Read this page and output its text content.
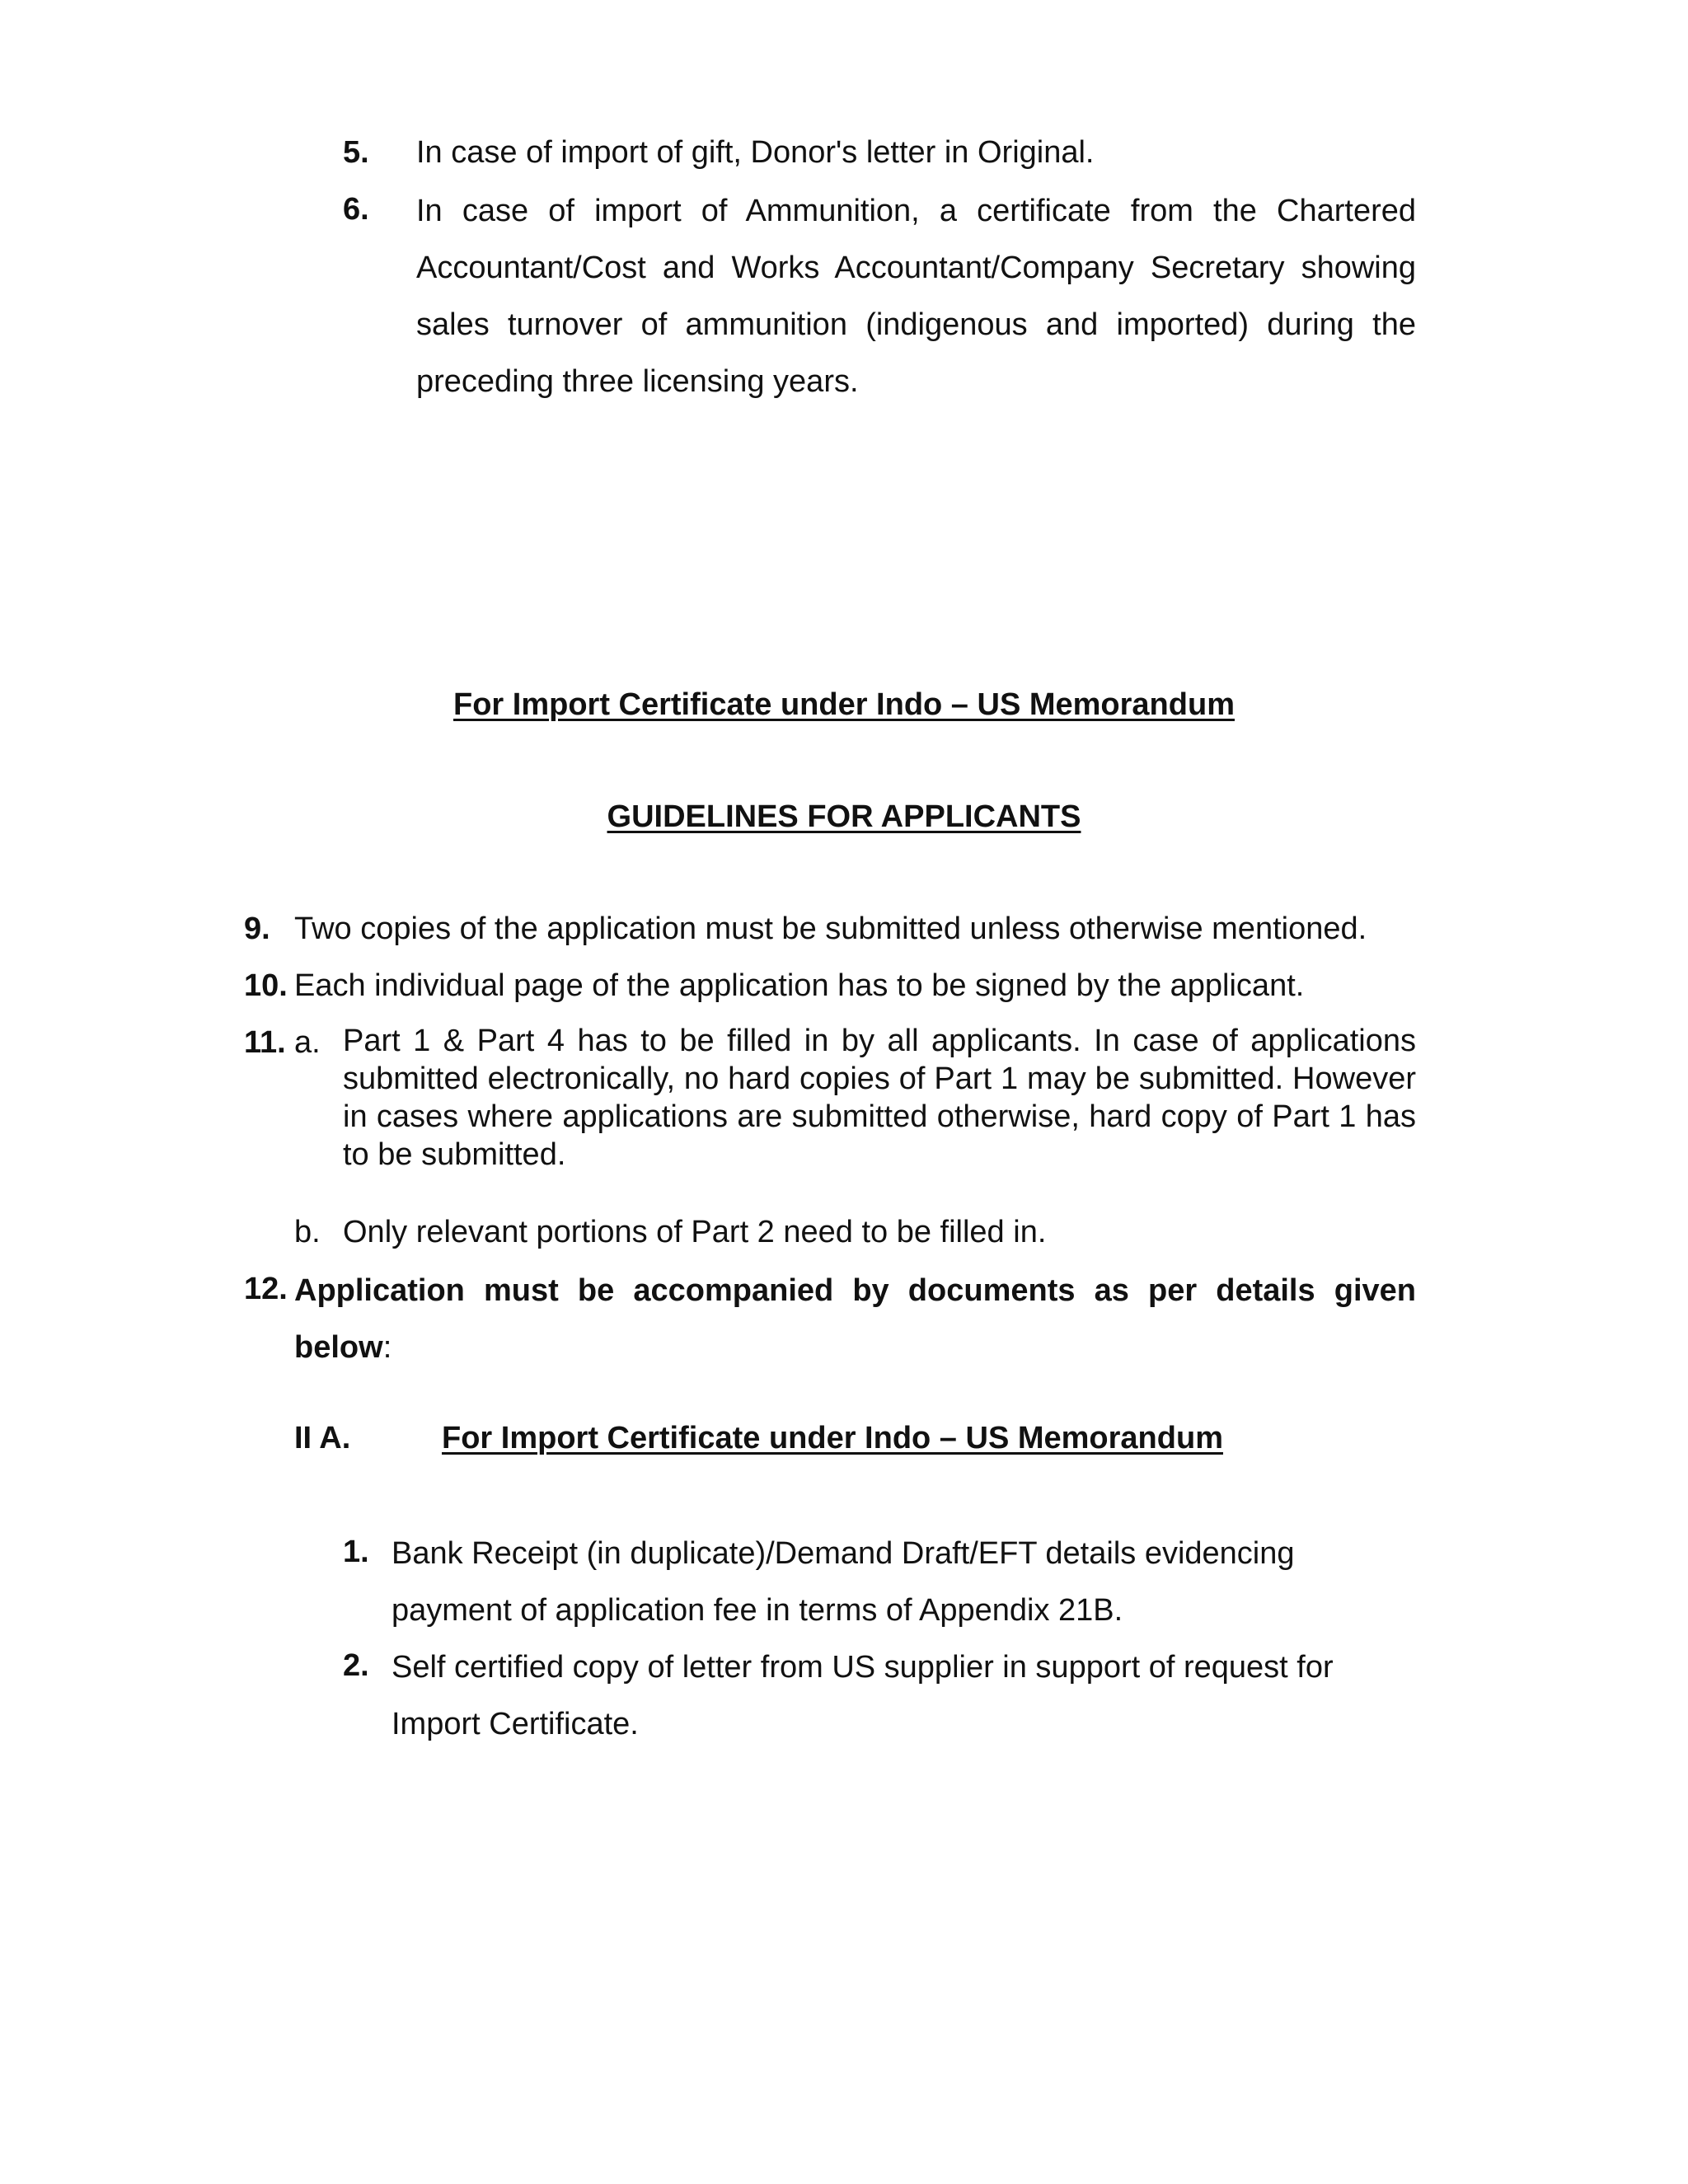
5. In case of import of gift, Donor's letter in Original.
6. In case of import of Ammunition, a certificate from the Chartered Accountant/Cost and Works Accountant/Company Secretary showing sales turnover of ammunition (indigenous and imported) during the preceding three licensing years.
For Import Certificate under Indo – US Memorandum
GUIDELINES FOR APPLICANTS
9. Two copies of the application must be submitted unless otherwise mentioned.
10. Each individual page of the application has to be signed by the applicant.
11. a. Part 1 & Part 4 has to be filled in by all applicants. In case of applications submitted electronically, no hard copies of Part 1 may be submitted. However in cases where applications are submitted otherwise, hard copy of Part 1 has to be submitted.
b. Only relevant portions of Part 2 need to be filled in.
12. Application must be accompanied by documents as per details given below:
II A.	For Import Certificate under Indo – US Memorandum
1. Bank Receipt (in duplicate)/Demand Draft/EFT details evidencing payment of application fee in terms of Appendix 21B.
2. Self certified copy of letter from US supplier in support of request for Import Certificate.
